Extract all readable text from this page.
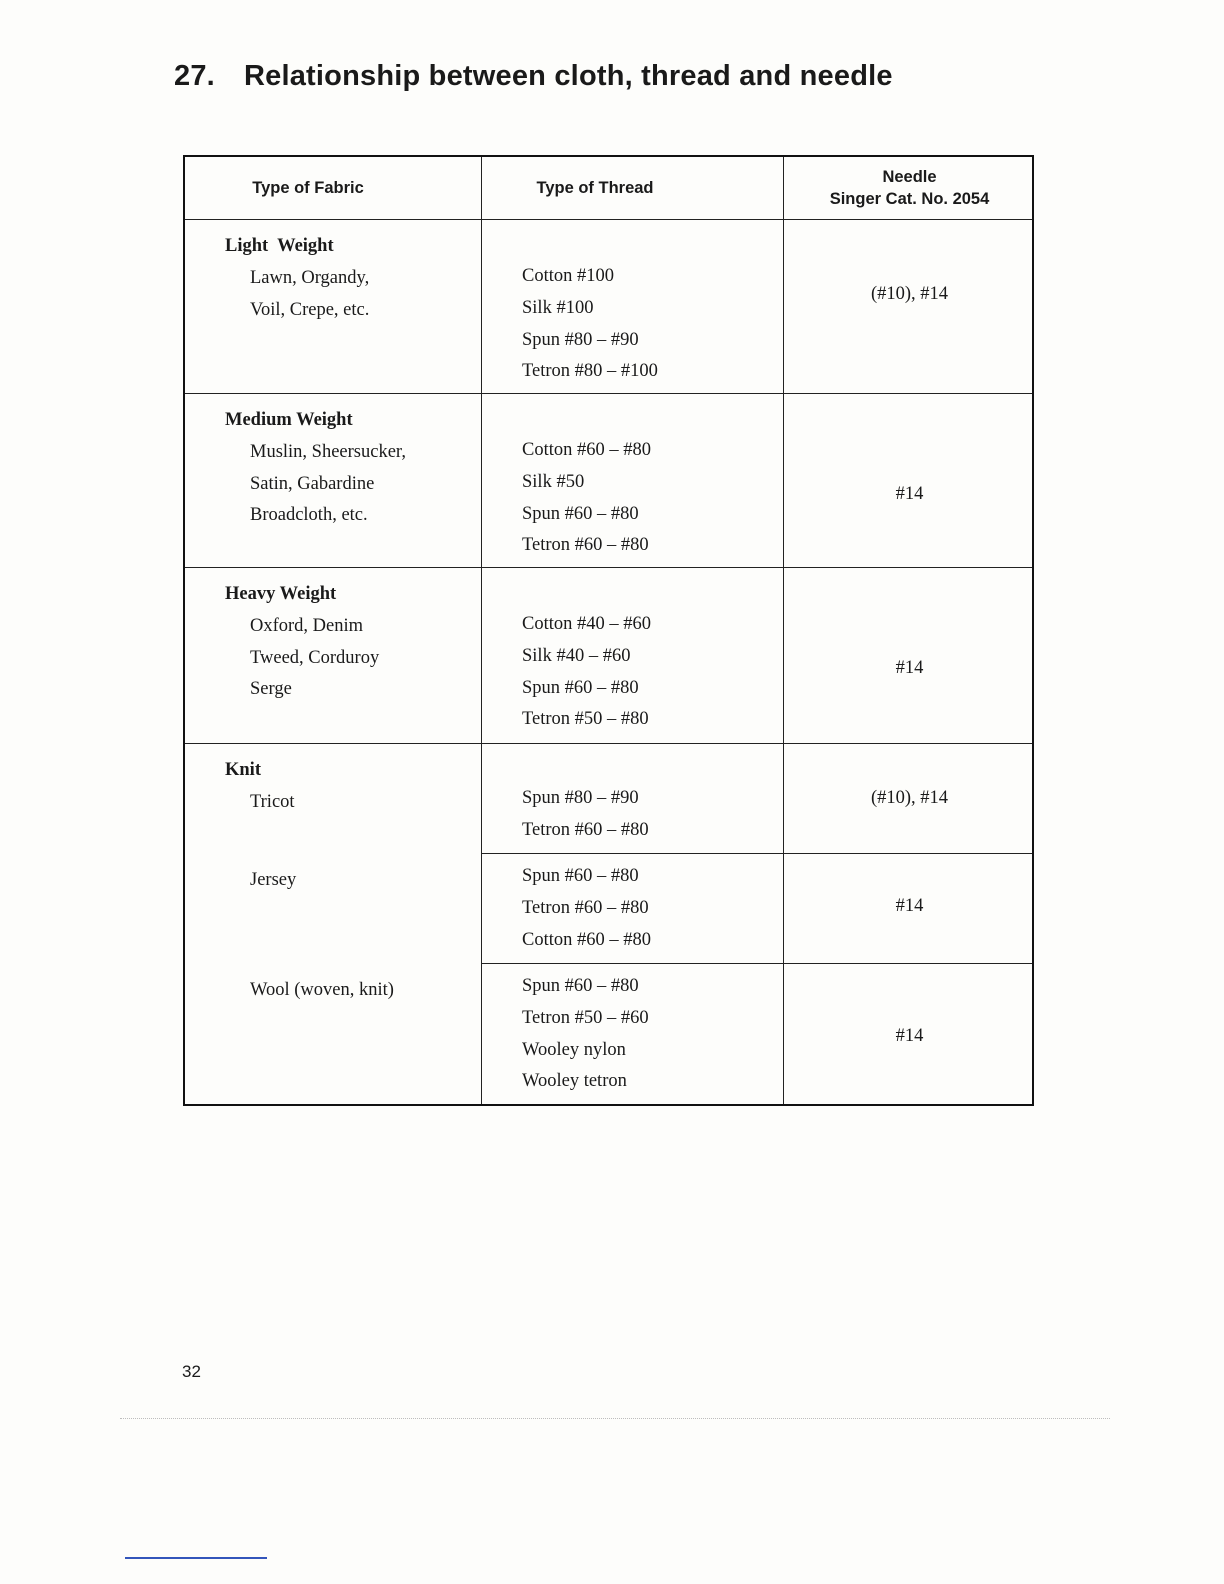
27. Relationship between cloth, thread and needle
Type of Fabric	Type of Thread
Needle
Singer Cat. No. 2054
Light  Weight
Lawn, Organdy,
Voil, Crepe, etc.
Cotton #100
Silk #100
Spun #80 – #90
Tetron #80 – #100
(#10), #14
Medium Weight
Muslin, Sheersucker,
Satin, Gabardine
Broadcloth, etc.
Cotton #60 – #80
Silk #50
Spun #60 – #80
Tetron #60 – #80
#14
Heavy Weight
Oxford, Denim
Tweed, Corduroy
Serge
Cotton #40 – #60
Silk #40 – #60
Spun #60 – #80
Tetron #50 – #80
#14
Knit
Tricot
Jersey
Wool (woven, knit)
Spun #80 – #90
Tetron #60 – #80
(#10), #14
Spun #60 – #80
Tetron #60 – #80
Cotton #60 – #80
#14
Spun #60 – #80
Tetron #50 – #60
Wooley nylon
Wooley tetron
#14
32
